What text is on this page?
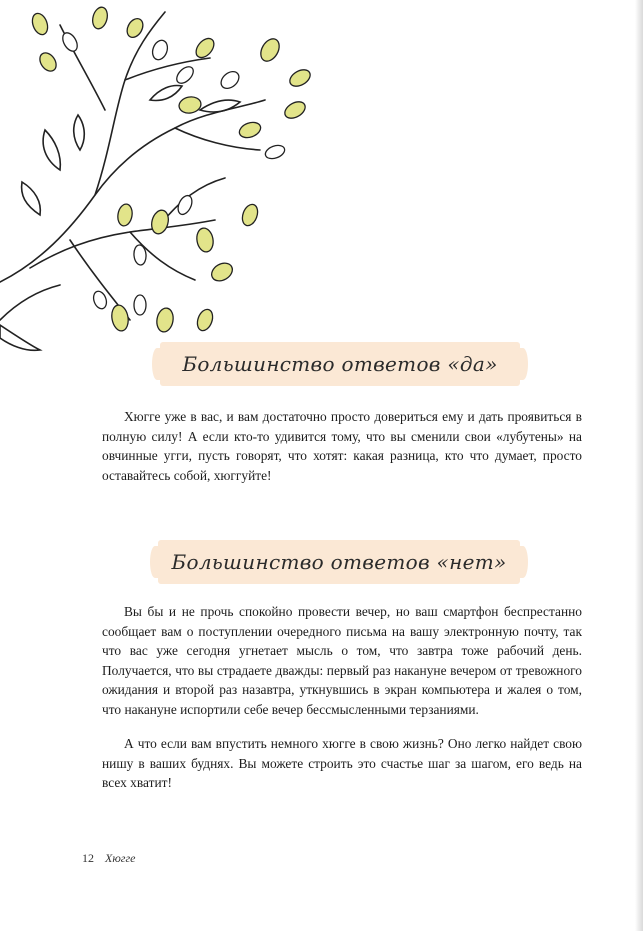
Большинство ответов «да»

Хюгге уже в вас, и вам достаточно просто довериться ему и дать проявиться в полную силу! А если кто-то удивится тому, что вы сменили свои «лубутены» на овчинные угги, пусть говорят, что хотят: какая разница, кто что думает, просто оставайтесь собой, хюггуйте!

Большинство ответов «нет»

Вы бы и не прочь спокойно провести вечер, но ваш смартфон беспрестанно сообщает вам о поступлении очередного письма на вашу электронную почту, так что вас уже сегодня угнетает мысль о том, что завтра тоже рабочий день. Получается, что вы страдаете дважды: первый раз накануне вечером от тревожного ожидания и второй раз назавтра, уткнувшись в экран компьютера и жалея о том, что накануне испортили себе вечер бессмысленными терзаниями.

А что если вам впустить немного хюгге в свою жизнь? Оно легко найдет свою нишу в ваших буднях. Вы можете строить это счастье шаг за шагом, его ведь на всех хватит!

12 Хюгге
